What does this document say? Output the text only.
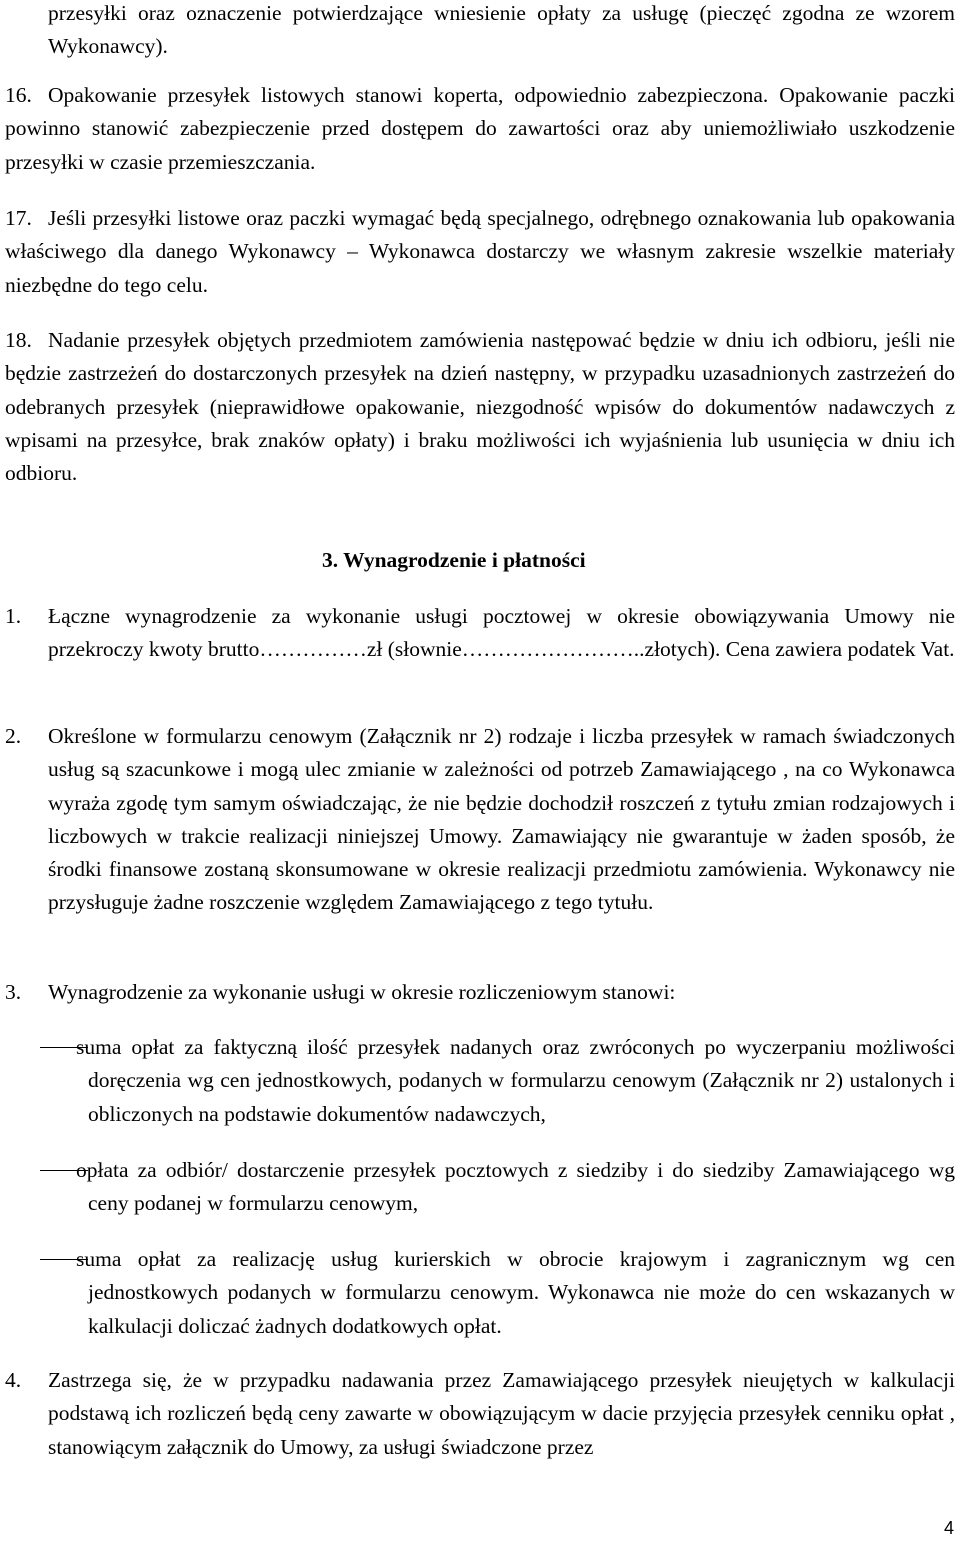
przesyłki oraz oznaczenie potwierdzające wniesienie opłaty za usługę (pieczęć zgodna ze wzorem Wykonawcy).

16. Opakowanie przesyłek listowych stanowi koperta, odpowiednio zabezpieczona. Opakowanie paczki powinno stanowić zabezpieczenie przed dostępem do zawartości oraz aby uniemożliwiało uszkodzenie przesyłki w czasie przemieszczania.

17. Jeśli przesyłki listowe oraz paczki wymagać będą specjalnego, odrębnego oznakowania lub opakowania właściwego dla danego Wykonawcy – Wykonawca dostarczy we własnym zakresie wszelkie materiały niezbędne do tego celu.

18. Nadanie przesyłek objętych przedmiotem zamówienia następować będzie w dniu ich odbioru, jeśli nie będzie zastrzeżeń do dostarczonych przesyłek na dzień następny, w przypadku uzasadnionych zastrzeżeń do odebranych przesyłek (nieprawidłowe opakowanie, niezgodność wpisów do dokumentów nadawczych z wpisami na przesyłce, brak znaków opłaty) i braku możliwości ich wyjaśnienia lub usunięcia w dniu ich odbioru.

3. Wynagrodzenie i płatności

1. Łączne wynagrodzenie za wykonanie usługi pocztowej w okresie obowiązywania Umowy nie przekroczy kwoty brutto……………zł (słownie……………………..złotych). Cena zawiera podatek Vat.

2. Określone w formularzu cenowym (Załącznik nr 2) rodzaje i liczba przesyłek w ramach świadczonych usług są szacunkowe i mogą ulec zmianie w zależności od potrzeb Zamawiającego , na co Wykonawca wyraża zgodę tym samym oświadczając, że nie będzie dochodził roszczeń z tytułu zmian rodzajowych i liczbowych w trakcie realizacji niniejszej Umowy. Zamawiający nie gwarantuje w żaden sposób, że środki finansowe zostaną skonsumowane w okresie realizacji przedmiotu zamówienia. Wykonawcy nie przysługuje żadne roszczenie względem Zamawiającego z tego tytułu.

3. Wynagrodzenie za wykonanie usługi w okresie rozliczeniowym stanowi:

suma opłat za faktyczną ilość przesyłek nadanych oraz zwróconych po wyczerpaniu możliwości doręczenia wg cen jednostkowych, podanych w formularzu cenowym (Załącznik nr 2) ustalonych i obliczonych na podstawie dokumentów nadawczych,

opłata za odbiór/ dostarczenie przesyłek pocztowych z siedziby i do siedziby Zamawiającego wg ceny podanej w formularzu cenowym,

suma opłat za realizację usług kurierskich w obrocie krajowym i zagranicznym wg cen jednostkowych podanych w formularzu cenowym. Wykonawca nie może do cen wskazanych w kalkulacji doliczać żadnych dodatkowych opłat.

4. Zastrzega się, że w przypadku nadawania przez Zamawiającego przesyłek nieujętych w kalkulacji podstawą ich rozliczeń będą ceny zawarte w obowiązującym w dacie przyjęcia przesyłek cenniku opłat , stanowiącym załącznik do Umowy, za usługi świadczone przez

4
